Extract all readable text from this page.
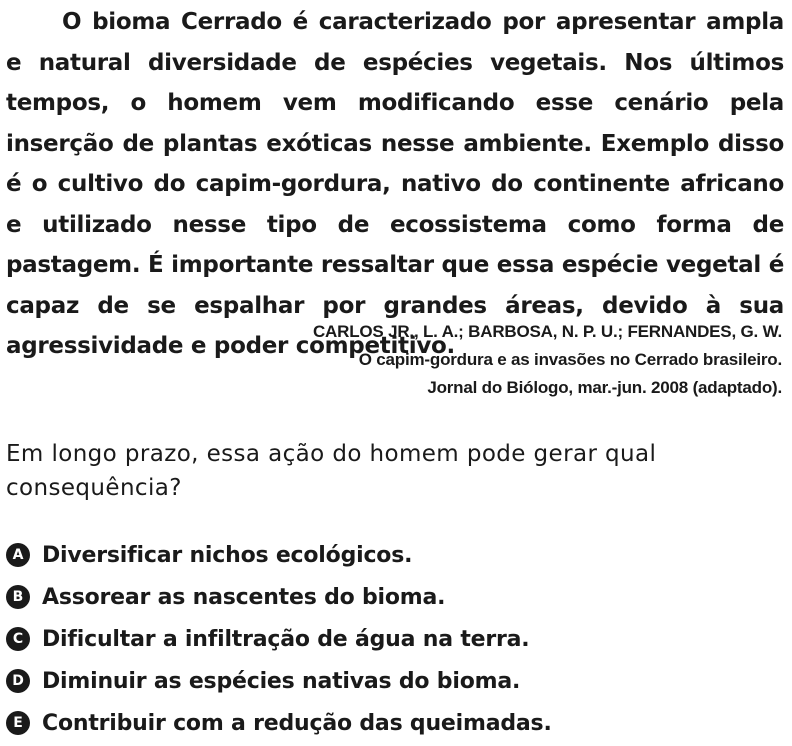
O bioma Cerrado é caracterizado por apresentar ampla e natural diversidade de espécies vegetais. Nos últimos tempos, o homem vem modificando esse cenário pela inserção de plantas exóticas nesse ambiente. Exemplo disso é o cultivo do capim-gordura, nativo do continente africano e utilizado nesse tipo de ecossistema como forma de pastagem. É importante ressaltar que essa espécie vegetal é capaz de se espalhar por grandes áreas, devido à sua agressividade e poder competitivo.

CARLOS JR., L. A.; BARBOSA, N. P. U.; FERNANDES, G. W.
O capim-gordura e as invasões no Cerrado brasileiro.
Jornal do Biólogo, mar.-jun. 2008 (adaptado).

Em longo prazo, essa ação do homem pode gerar qual consequência?

A Diversificar nichos ecológicos.
B Assorear as nascentes do bioma.
C Dificultar a infiltração de água na terra.
D Diminuir as espécies nativas do bioma.
E Contribuir com a redução das queimadas.
